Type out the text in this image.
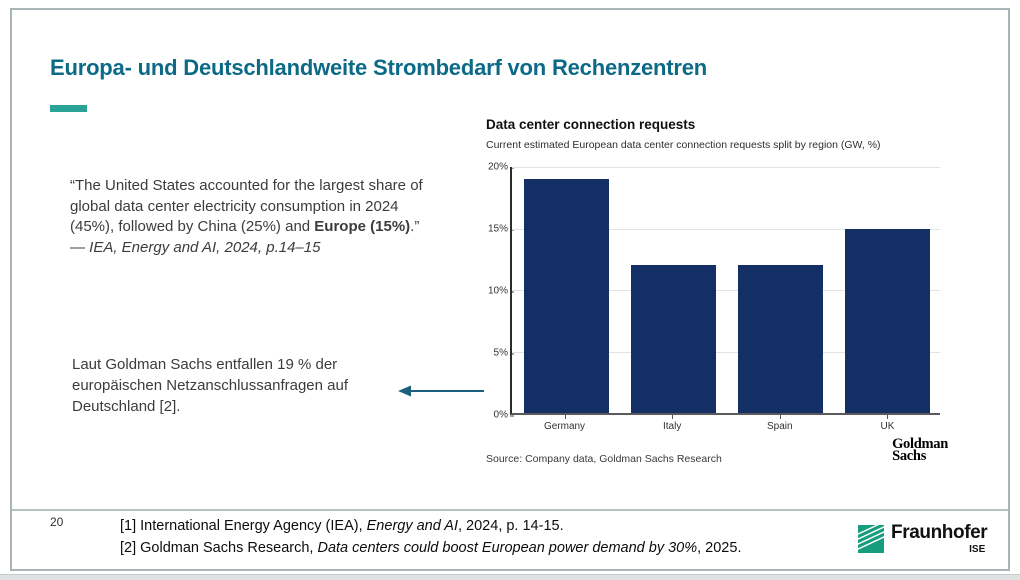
Europa- und Deutschlandweite Strombedarf von Rechenzentren

“The United States accounted for the largest share of global data center electricity consumption in 2024 (45%), followed by China (25%) and Europe (15%).”

— IEA, Energy and AI, 2024, p.14–15

Laut Goldman Sachs entfallen 19 % der europäischen Netzanschlussanfragen auf Deutschland [2].
Data center connection requests
Current estimated European data center connection requests split by region (GW, %)
0%
5%
10%
15%
20%
Germany	Italy	Spain	UK
Source: Company data, Goldman Sachs Research
Goldman
Sachs
20	[1] International Energy Agency (IEA), Energy and AI, 2024, p. 14-15.
[2] Goldman Sachs Research, Data centers could boost European power demand by 30%, 2025.
Fraunhofer
ISE
